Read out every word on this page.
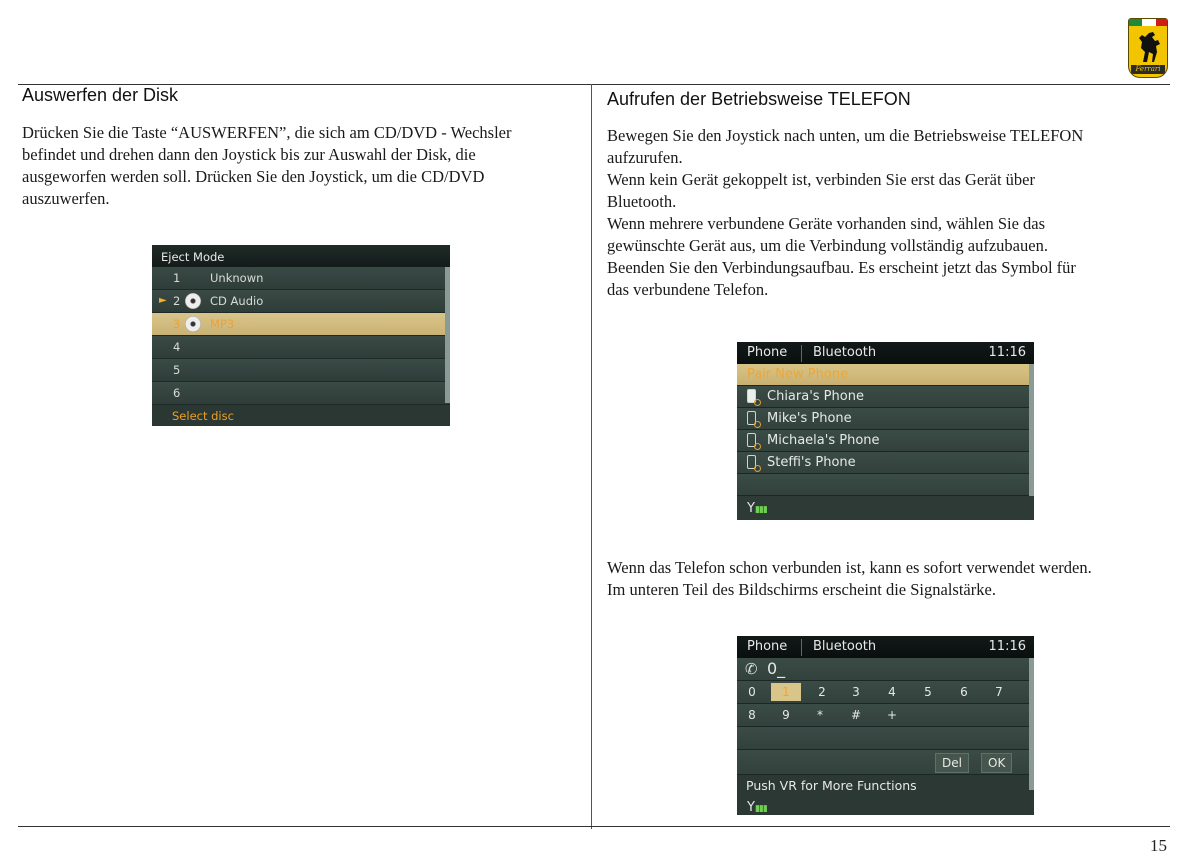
Ferrari
Auswerfen der Disk
Drücken Sie die Taste “AUSWERFEN”, die sich am CD/DVD - Wechsler
befindet und drehen dann den Joystick bis zur Auswahl der Disk, die
ausgeworfen werden soll. Drücken Sie den Joystick, um die CD/DVD
auszuwerfen.
Eject Mode
1	Unknown
► 2	CD Audio
3	MP3
4
5
6
Select disc
Aufrufen der Betriebsweise TELEFON
Bewegen Sie den Joystick nach unten, um die Betriebsweise TELEFON
aufzurufen.
Wenn kein Gerät gekoppelt ist, verbinden Sie erst das Gerät über
Bluetooth.
Wenn mehrere verbundene Geräte vorhanden sind, wählen Sie das
gewünschte Gerät aus, um die Verbindung vollständig aufzubauen.
Beenden Sie den Verbindungsaufbau. Es erscheint jetzt das Symbol für
das verbundene Telefon.
Phone Bluetooth	11:16
Pair New Phone
Chiara's Phone
Mike's Phone
Michaela's Phone
Steffi's Phone
Y▮▮▮
Wenn das Telefon schon verbunden ist, kann es sofort verwendet werden.
Im unteren Teil des Bildschirms erscheint die Signalstärke.
Phone Bluetooth	11:16
✆ 0_
0	1	2	3	4	5	6	7
8	9	*	#	+
Del	OK
Push VR for More Functions
Y▮▮▮
15
